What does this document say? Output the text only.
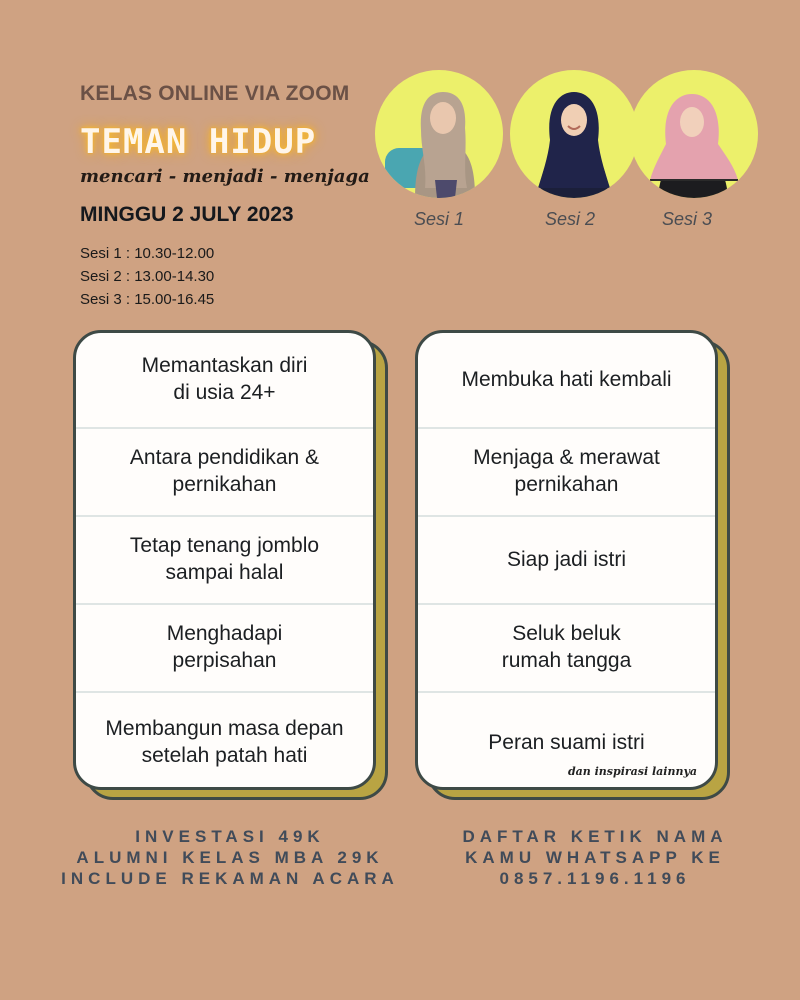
KELAS ONLINE VIA ZOOM
TEMAN HIDUP
mencari - menjadi - menjaga
MINGGU 2 JULY 2023
Sesi 1 : 10.30-12.00
Sesi 2 : 13.00-14.30
Sesi 3 : 15.00-16.45
Sesi 1	Sesi 2	Sesi 3
Memantaskan diri
di usia 24+
Antara pendidikan &
pernikahan
Tetap tenang jomblo
sampai halal
Menghadapi
perpisahan
Membangun masa depan
setelah patah hati
Membuka hati kembali
Menjaga & merawat
pernikahan
Siap jadi istri
Seluk beluk
rumah tangga
Peran suami istri
dan inspirasi lainnya
INVESTASI 49K
ALUMNI KELAS MBA 29K
INCLUDE REKAMAN ACARA
DAFTAR KETIK NAMA
KAMU WHATSAPP KE
0857.1196.1196
